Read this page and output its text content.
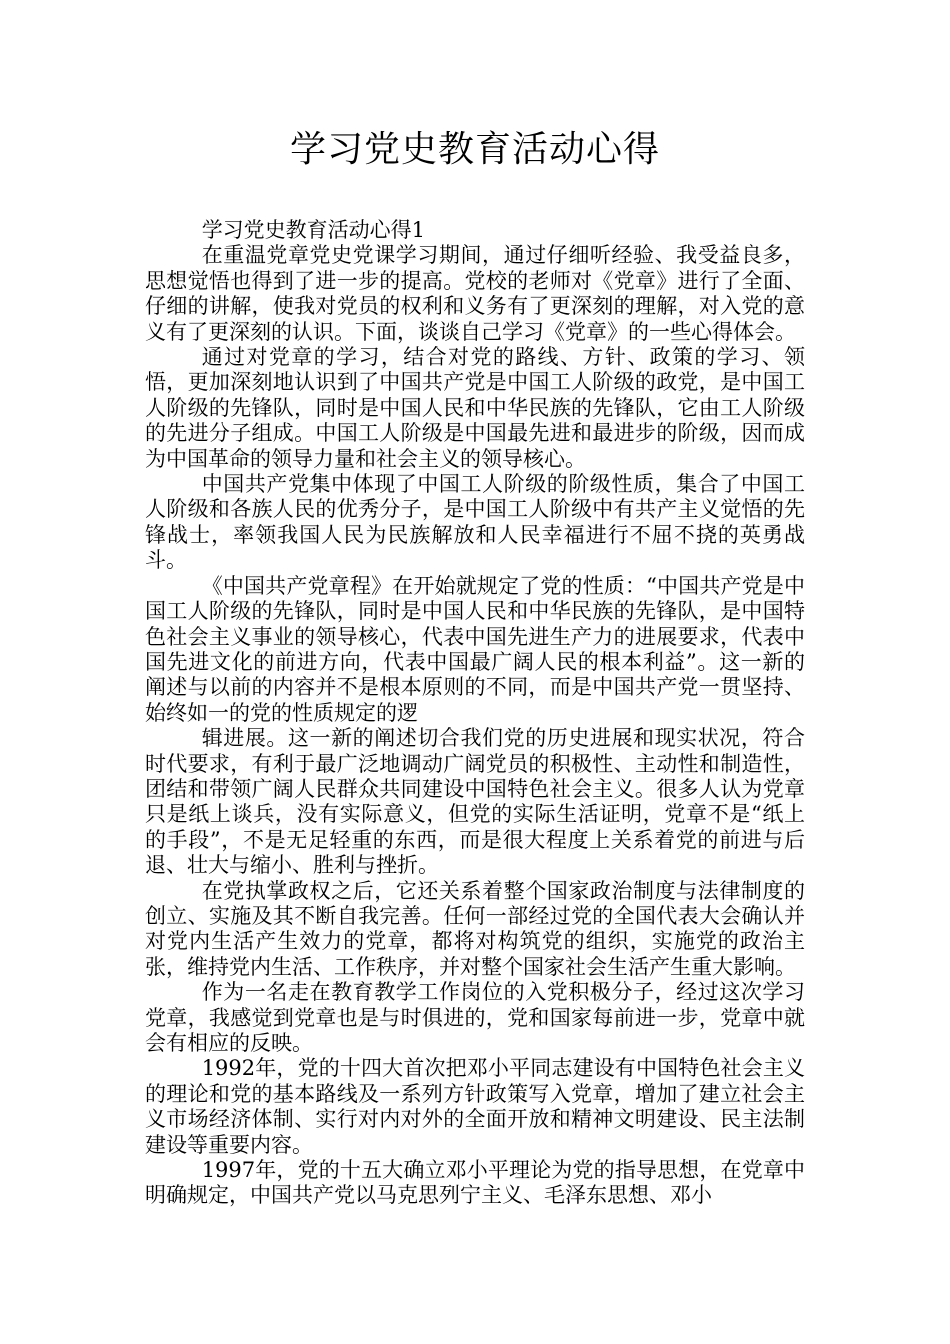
学习党史教育活动心得

学习党史教育活动心得1

在重温党章党史党课学习期间，通过仔细听经验、我受益良多，思想觉悟也得到了进一步的提高。党校的老师对《党章》进行了全面、仔细的讲解，使我对党员的权利和义务有了更深刻的理解，对入党的意义有了更深刻的认识。下面，谈谈自己学习《党章》的一些心得体会。

通过对党章的学习，结合对党的路线、方针、政策的学习、领悟，更加深刻地认识到了中国共产党是中国工人阶级的政党，是中国工人阶级的先锋队，同时是中国人民和中华民族的先锋队，它由工人阶级的先进分子组成。中国工人阶级是中国最先进和最进步的阶级，因而成为中国革命的领导力量和社会主义的领导核心。

中国共产党集中体现了中国工人阶级的阶级性质，集合了中国工人阶级和各族人民的优秀分子，是中国工人阶级中有共产主义觉悟的先锋战士，率领我国人民为民族解放和人民幸福进行不屈不挠的英勇战斗。

《中国共产党章程》在开始就规定了党的性质：“中国共产党是中国工人阶级的先锋队，同时是中国人民和中华民族的先锋队，是中国特色社会主义事业的领导核心，代表中国先进生产力的进展要求，代表中国先进文化的前进方向，代表中国最广阔人民的根本利益”。这一新的阐述与以前的内容并不是根本原则的不同，而是中国共产党一贯坚持、始终如一的党的性质规定的逻

辑进展。这一新的阐述切合我们党的历史进展和现实状况，符合时代要求，有利于最广泛地调动广阔党员的积极性、主动性和制造性，团结和带领广阔人民群众共同建设中国特色社会主义。很多人认为党章只是纸上谈兵，没有实际意义，但党的实际生活证明，党章不是“纸上的手段”，不是无足轻重的东西，而是很大程度上关系着党的前进与后退、壮大与缩小、胜利与挫折。

在党执掌政权之后，它还关系着整个国家政治制度与法律制度的创立、实施及其不断自我完善。任何一部经过党的全国代表大会确认并对党内生活产生效力的党章，都将对构筑党的组织，实施党的政治主张，维持党内生活、工作秩序，并对整个国家社会生活产生重大影响。

作为一名走在教育教学工作岗位的入党积极分子，经过这次学习党章，我感觉到党章也是与时俱进的，党和国家每前进一步，党章中就会有相应的反映。

1992年，党的十四大首次把邓小平同志建设有中国特色社会主义的理论和党的基本路线及一系列方针政策写入党章，增加了建立社会主义市场经济体制、实行对内对外的全面开放和精神文明建设、民主法制建设等重要内容。

1997年，党的十五大确立邓小平理论为党的指导思想，在党章中明确规定，中国共产党以马克思列宁主义、毛泽东思想、邓小
